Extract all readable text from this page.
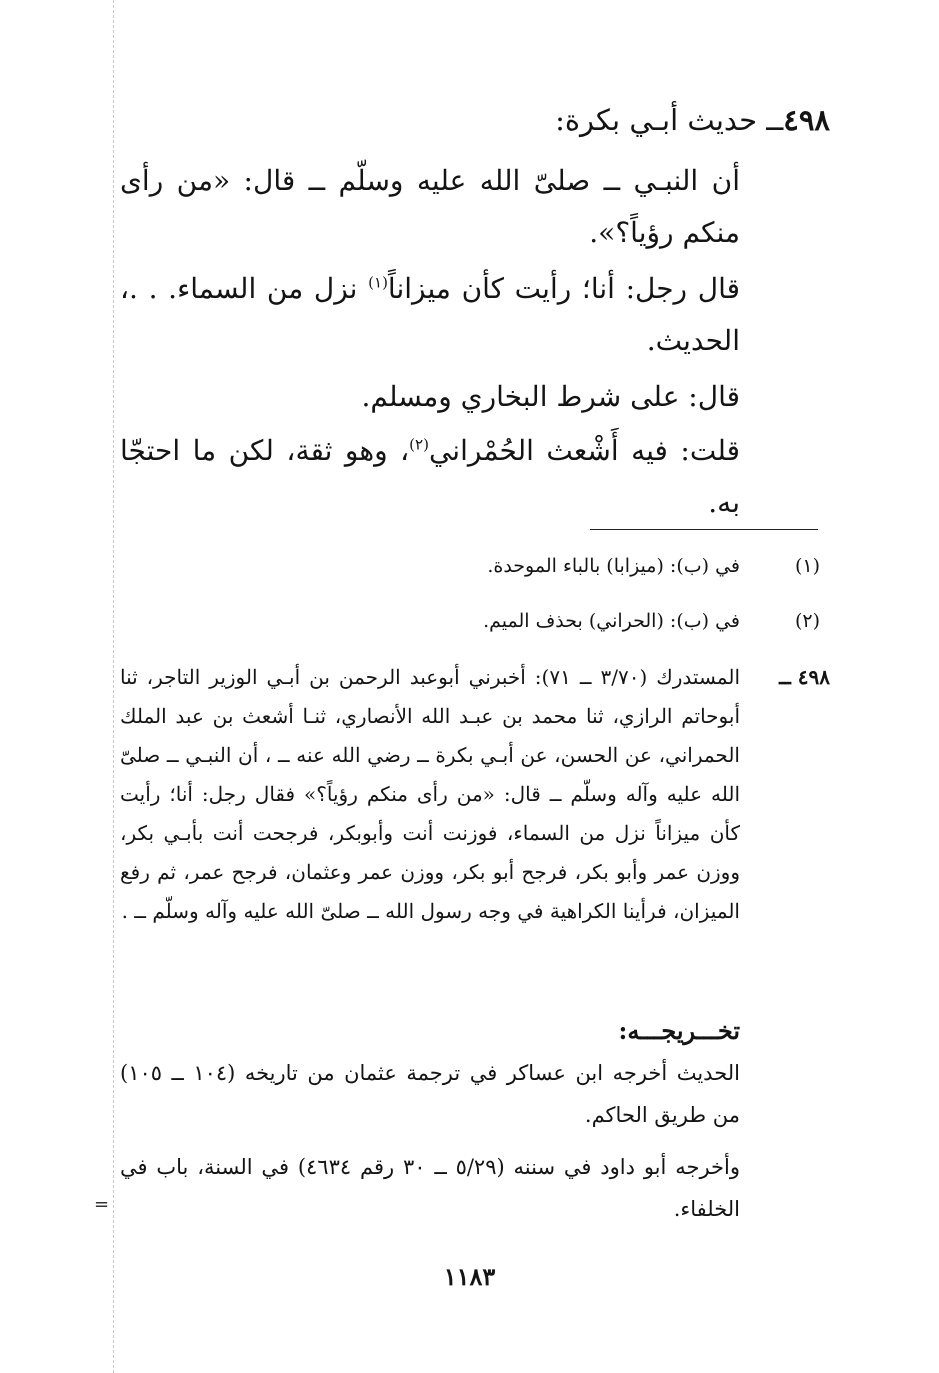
=
٤٩٨ــ حديث أبـي بكرة:
أن النبـي ــ صلىّ الله عليه وسلّم ــ قال: «من رأى منكم رؤياً؟».
قال رجل: أنا؛ رأيت كأن ميزاناً$^{(١)}$ نزل من السماء. . .، الحديث.
قال: على شرط البخاري ومسلم.
قلت: فيه أَشْعث الحُمْراني$^{(٢)}$، وهو ثقة، لكن ما احتجّا به.
(١)
في (ب): (ميزابا) بالباء الموحدة.
(٢)
في (ب): (الحراني) بحذف الميم.
٤٩٨ ــ
المستدرك (٣/٧٠ ــ ٧١): أخبرني أبوعبد الرحمن بن أبـي الوزير التاجر، ثنا أبوحاتم الرازي، ثنا محمد بن عبـد الله الأنصاري، ثنـا أشعث بن عبد الملك الحمراني، عن الحسن، عن أبـي بكرة ــ رضي الله عنه ــ ، أن النبـي ــ صلىّ الله عليه وآله وسلّم ــ قال: «من رأى منكم رؤياً؟» فقال رجل: أنا؛ رأيت كأن ميزاناً نزل من السماء، فوزنت أنت وأبوبكر، فرجحت أنت بأبـي بكر، ووزن عمر وأبو بكر، فرجح أبو بكر، ووزن عمر وعثمان، فرجح عمر، ثم رفع الميزان، فرأينا الكراهية في وجه رسول الله ــ صلىّ الله عليه وآله وسلّم ــ .
تخـــريجـــه:
الحديث أخرجه ابن عساكر في ترجمة عثمان من تاريخه (١٠٤ ــ ١٠٥) من طريق الحاكم.
وأخرجه أبو داود في سننه (٥/٢٩ ــ ٣٠ رقم ٤٦٣٤) في السنة، باب في الخلفاء.
١١٨٣
